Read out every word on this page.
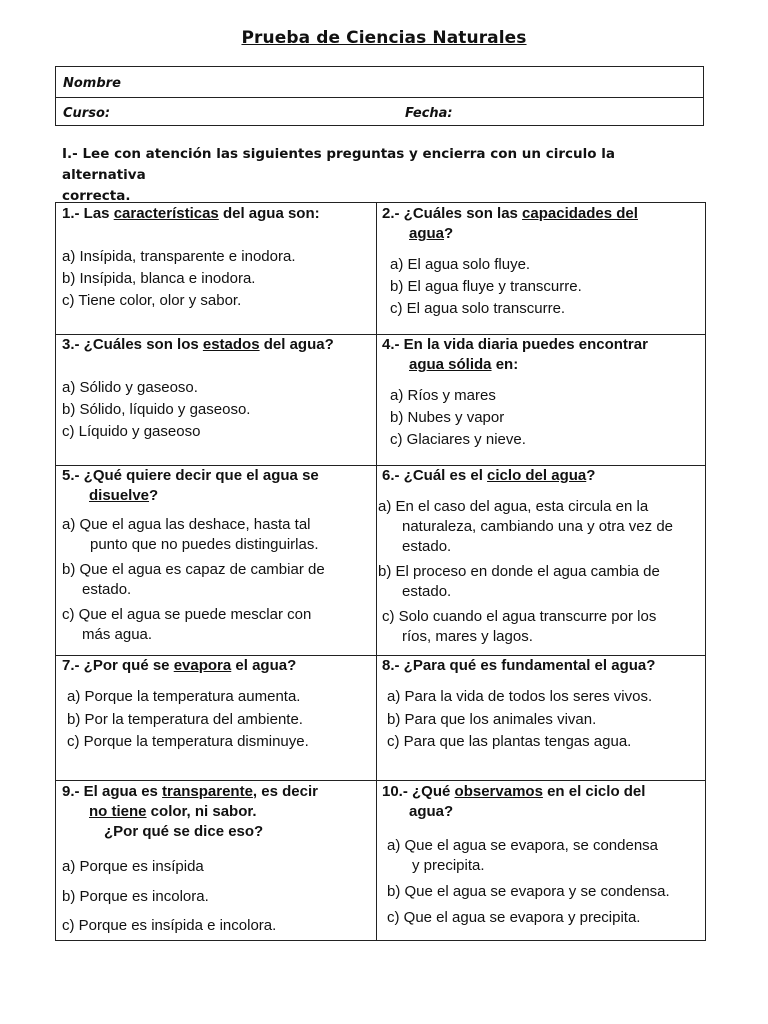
Prueba de Ciencias Naturales
Nombre
Curso:	Fecha:
I.- Lee con atención las siguientes preguntas y encierra con un circulo la alternativa
correcta.
1.- Las características del agua son:
a) Insípida, transparente e inodora.
b) Insípida, blanca e inodora.
c) Tiene color, olor y sabor.
2.- ¿Cuáles son las capacidades del
agua?
a) El agua solo fluye.
b) El agua fluye y transcurre.
c) El agua solo transcurre.
3.- ¿Cuáles son los estados del agua?
a) Sólido y gaseoso.
b) Sólido, líquido y gaseoso.
c) Líquido y gaseoso
4.- En la vida diaria puedes encontrar
agua sólida en:
a) Ríos y mares
b) Nubes y vapor
c) Glaciares y nieve.
5.- ¿Qué quiere decir que el agua se
disuelve?
a) Que el agua las deshace, hasta tal
punto que no puedes distinguirlas.
b) Que el agua es capaz de cambiar de
estado.
c) Que el agua se puede mesclar con
más agua.
6.- ¿Cuál es el ciclo del agua?
a) En el caso del agua, esta circula en la
naturaleza, cambiando una y otra vez de
estado.
b) El proceso en donde el agua cambia de
estado.
c) Solo cuando el agua transcurre por los
ríos, mares y lagos.
7.- ¿Por qué se evapora el agua?
a) Porque la temperatura aumenta.
b) Por la temperatura del ambiente.
c) Porque la temperatura disminuye.
8.- ¿Para qué es fundamental el agua?
a) Para la vida de todos los seres vivos.
b) Para que los animales vivan.
c) Para que las plantas tengas agua.
9.- El agua es transparente, es decir
no tiene color, ni sabor.
¿Por qué se dice eso?
a) Porque es insípida
b) Porque es incolora.
c) Porque es insípida e incolora.
10.- ¿Qué observamos en el ciclo del
agua?
a) Que el agua se evapora, se condensa
y precipita.
b) Que el agua se evapora y se condensa.
c) Que el agua se evapora y precipita.
